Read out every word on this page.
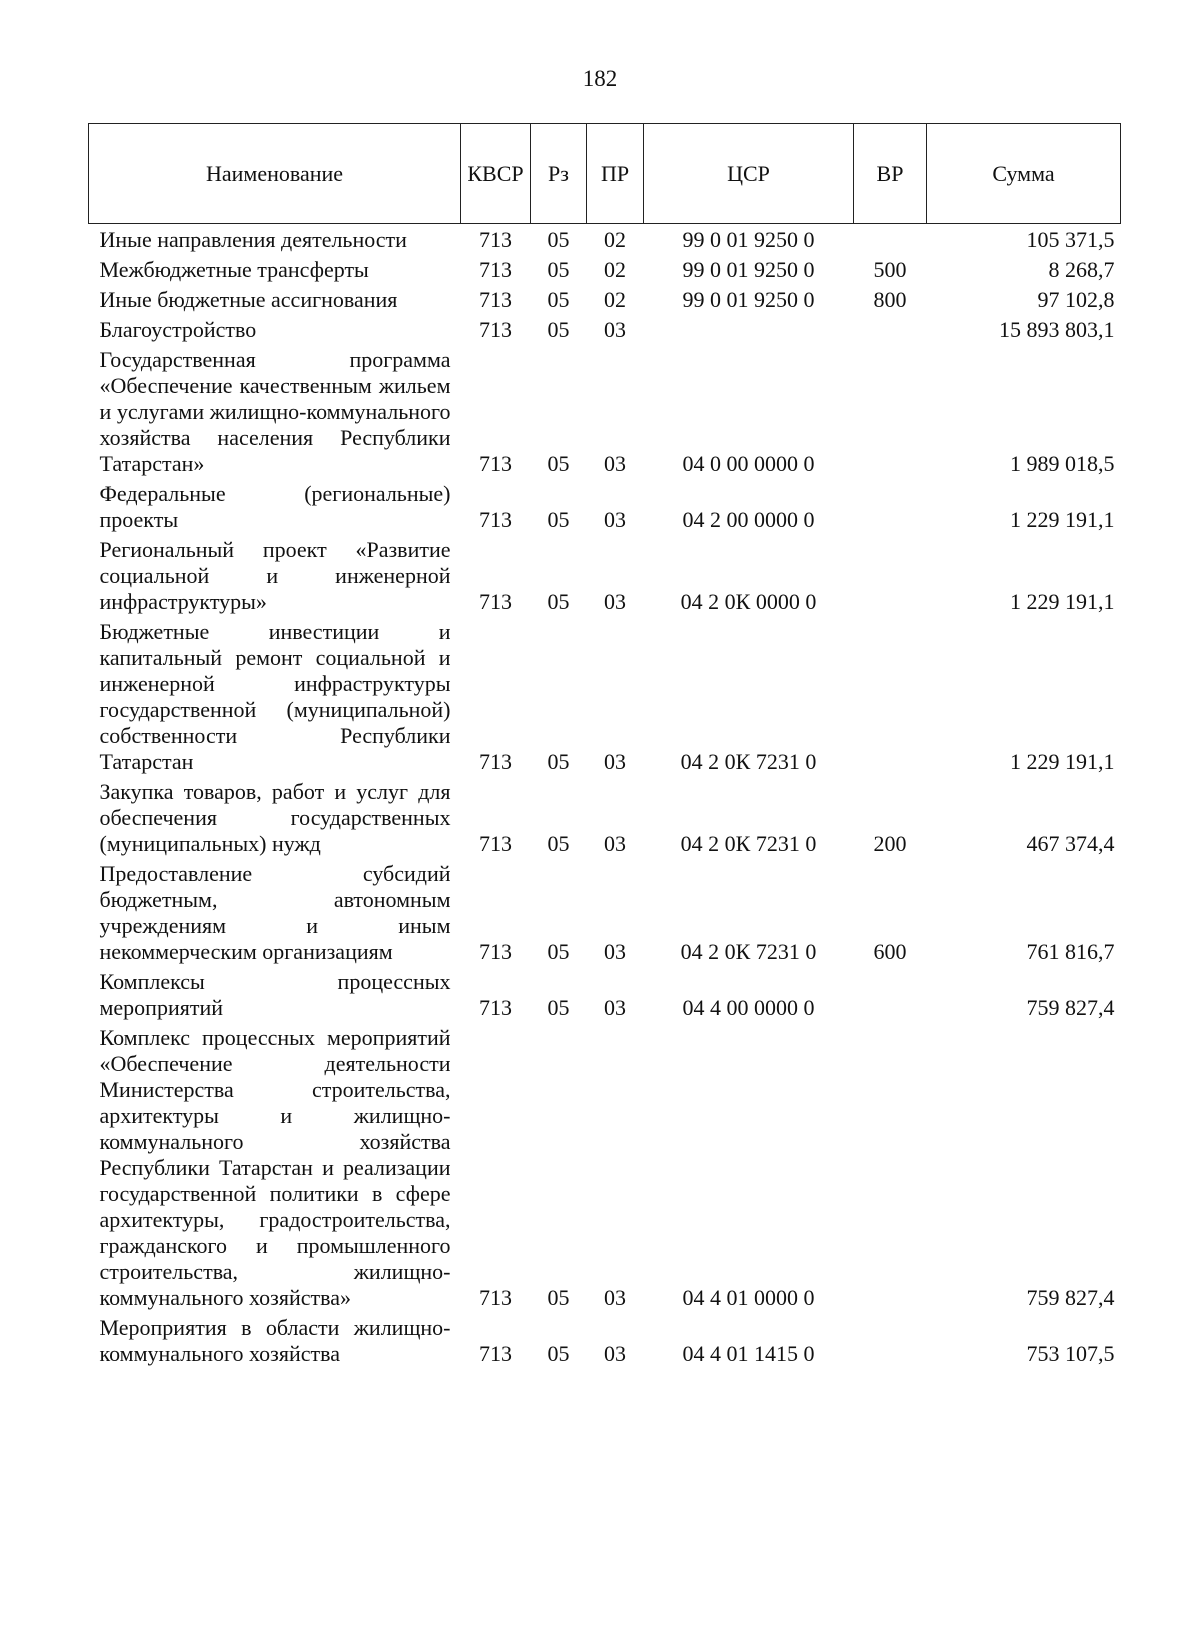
182
Наименование	КВСР	Рз	ПР	ЦСР	ВР	Сумма
Иные направления деятельности	713	05	02	99 0 01 9250 0		105 371,5
Межбюджетные трансферты	713	05	02	99 0 01 9250 0	500	8 268,7
Иные бюджетные ассигнования	713	05	02	99 0 01 9250 0	800	97 102,8
Благоустройство	713	05	03			15 893 803,1
Государственная программа «Обеспечение качественным жильем и услугами жилищно-коммунального хозяйства населения Республики Татарстан»	713	05	03	04 0 00 0000 0		1 989 018,5
Федеральные (региональные) проекты	713	05	03	04 2 00 0000 0		1 229 191,1
Региональный проект «Развитие социальной и инженерной инфраструктуры»	713	05	03	04 2 0К 0000 0		1 229 191,1
Бюджетные инвестиции и капитальный ремонт социальной и инженерной инфраструктуры государственной (муниципальной) собственности Республики Татарстан	713	05	03	04 2 0К 7231 0		1 229 191,1
Закупка товаров, работ и услуг для обеспечения государственных (муниципальных) нужд	713	05	03	04 2 0К 7231 0	200	467 374,4
Предоставление субсидий бюджетным, автономным учреждениям и иным некоммерческим организациям	713	05	03	04 2 0К 7231 0	600	761 816,7
Комплексы процессных мероприятий	713	05	03	04 4 00 0000 0		759 827,4
Комплекс процессных мероприятий «Обеспечение деятельности Министерства строительства, архитектуры и жилищно-коммунального хозяйства Республики Татарстан и реализации государственной политики в сфере архитектуры, градостроительства, гражданского и промышленного строительства, жилищно-коммунального хозяйства»	713	05	03	04 4 01 0000 0		759 827,4
Мероприятия в области жилищно-коммунального хозяйства	713	05	03	04 4 01 1415 0		753 107,5
